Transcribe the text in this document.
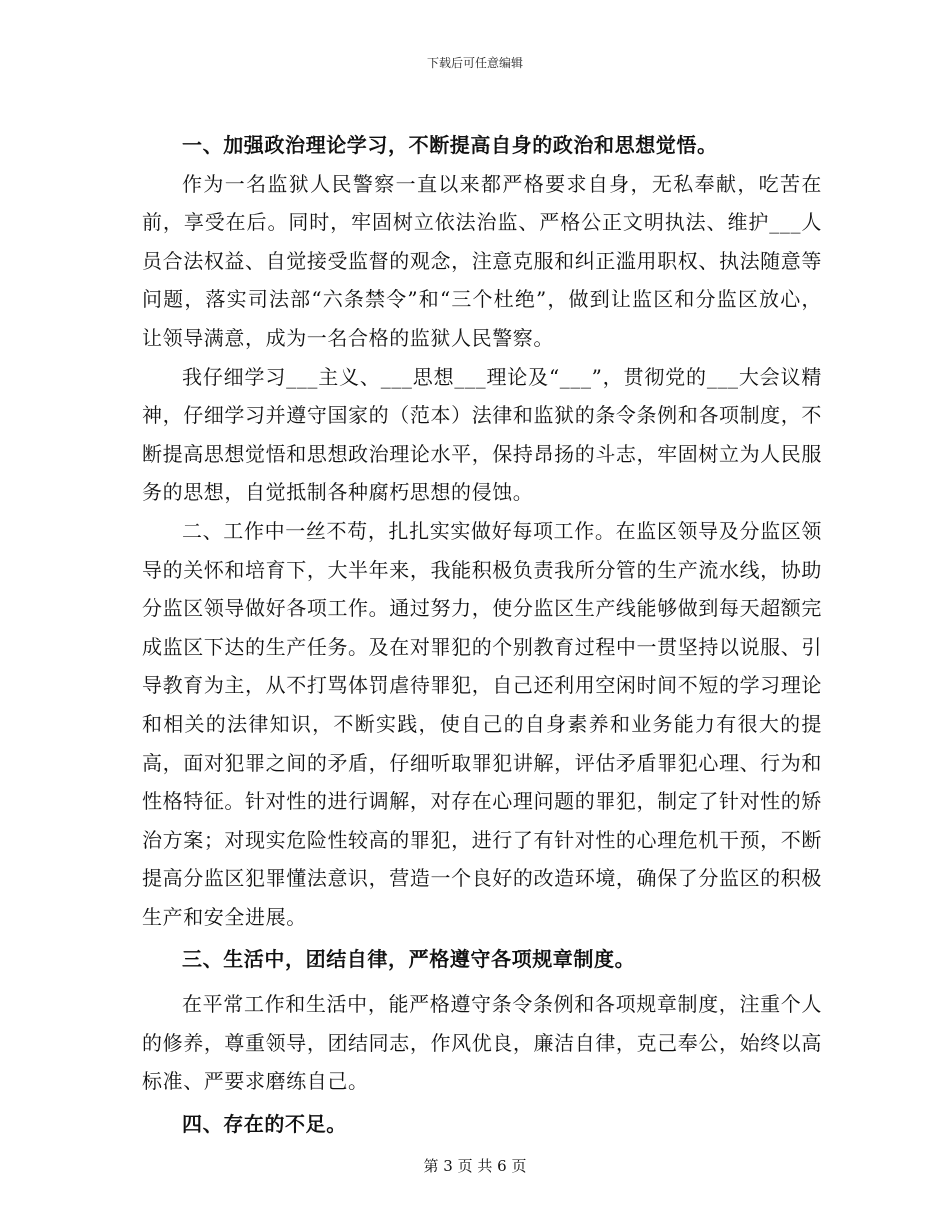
下载后可任意编辑

一、加强政治理论学习，不断提高自身的政治和思想觉悟。

作为一名监狱人民警察一直以来都严格要求自身，无私奉献，吃苦在前，享受在后。同时，牢固树立依法治监、严格公正文明执法、维护___人员合法权益、自觉接受监督的观念，注意克服和纠正滥用职权、执法随意等问题，落实司法部“六条禁令”和“三个杜绝”，做到让监区和分监区放心，让领导满意，成为一名合格的监狱人民警察。

我仔细学习___主义、___思想___理论及“___”，贯彻党的___大会议精神，仔细学习并遵守国家的（范本）法律和监狱的条令条例和各项制度，不断提高思想觉悟和思想政治理论水平，保持昂扬的斗志，牢固树立为人民服务的思想，自觉抵制各种腐朽思想的侵蚀。

二、工作中一丝不苟，扎扎实实做好每项工作。在监区领导及分监区领导的关怀和培育下，大半年来，我能积极负责我所分管的生产流水线，协助分监区领导做好各项工作。通过努力，使分监区生产线能够做到每天超额完成监区下达的生产任务。及在对罪犯的个别教育过程中一贯坚持以说服、引导教育为主，从不打骂体罚虐待罪犯，自己还利用空闲时间不短的学习理论和相关的法律知识，不断实践，使自己的自身素养和业务能力有很大的提高，面对犯罪之间的矛盾，仔细听取罪犯讲解，评估矛盾罪犯心理、行为和性格特征。针对性的进行调解，对存在心理问题的罪犯，制定了针对性的矫治方案；对现实危险性较高的罪犯，进行了有针对性的心理危机干预，不断提高分监区犯罪懂法意识，营造一个良好的改造环境，确保了分监区的积极生产和安全进展。

三、生活中，团结自律，严格遵守各项规章制度。

在平常工作和生活中，能严格遵守条令条例和各项规章制度，注重个人的修养，尊重领导，团结同志，作风优良，廉洁自律，克己奉公，始终以高标准、严要求磨练自己。

四、存在的不足。

第 3 页 共 6 页
